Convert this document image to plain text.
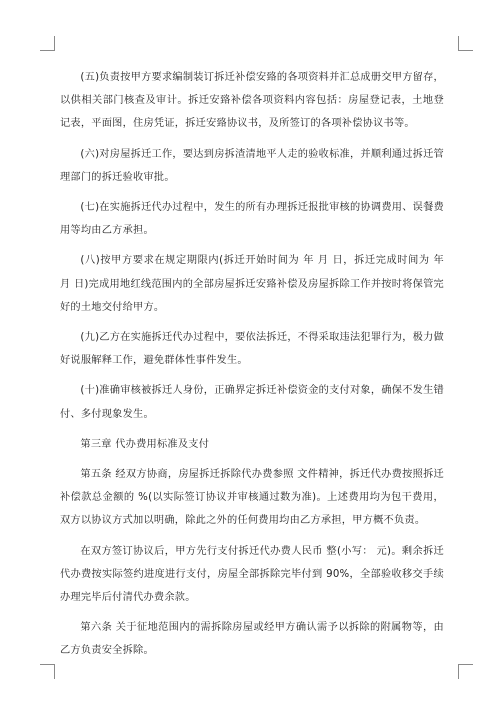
(五)负责按甲方要求编制装订拆迁补偿安臵的各项资料并汇总成册交甲方留存，以供相关部门核查及审计。拆迁安臵补偿各项资料内容包括：房屋登记表，土地登记表，平面图，住房凭证，拆迁安臵协议书，及所签订的各项补偿协议书等。

(六)对房屋拆迁工作，要达到房拆渣清地平人走的验收标准，并顺利通过拆迁管理部门的拆迁验收审批。

(七)在实施拆迁代办过程中，发生的所有办理拆迁报批审核的协调费用、误餐费用等均由乙方承担。

(八)按甲方要求在规定期限内(拆迁开始时间为 年 月 日，拆迁完成时间为 年 月 日)完成用地红线范围内的全部房屋拆迁安臵补偿及房屋拆除工作并按时将保管完好的土地交付给甲方。

(九)乙方在实施拆迁代办过程中，要依法拆迁，不得采取违法犯罪行为，极力做好说服解释工作，避免群体性事件发生。

(十)准确审核被拆迁人身份，正确界定拆迁补偿资金的支付对象，确保不发生错付、多付现象发生。

第三章 代办费用标准及支付

第五条 经双方协商，房屋拆迁拆除代办费参照 文件精神，拆迁代办费按照拆迁补偿款总金额的 %(以实际签订协议并审核通过数为准)。上述费用均为包干费用，双方以协议方式加以明确，除此之外的任何费用均由乙方承担，甲方概不负责。

在双方签订协议后，甲方先行支付拆迁代办费人民币 整(小写： 元)。剩余拆迁代办费按实际签约进度进行支付，房屋全部拆除完毕付到 90%，全部验收移交手续办理完毕后付清代办费余款。

第六条 关于征地范围内的需拆除房屋或经甲方确认需予以拆除的附属物等，由乙方负责安全拆除。
